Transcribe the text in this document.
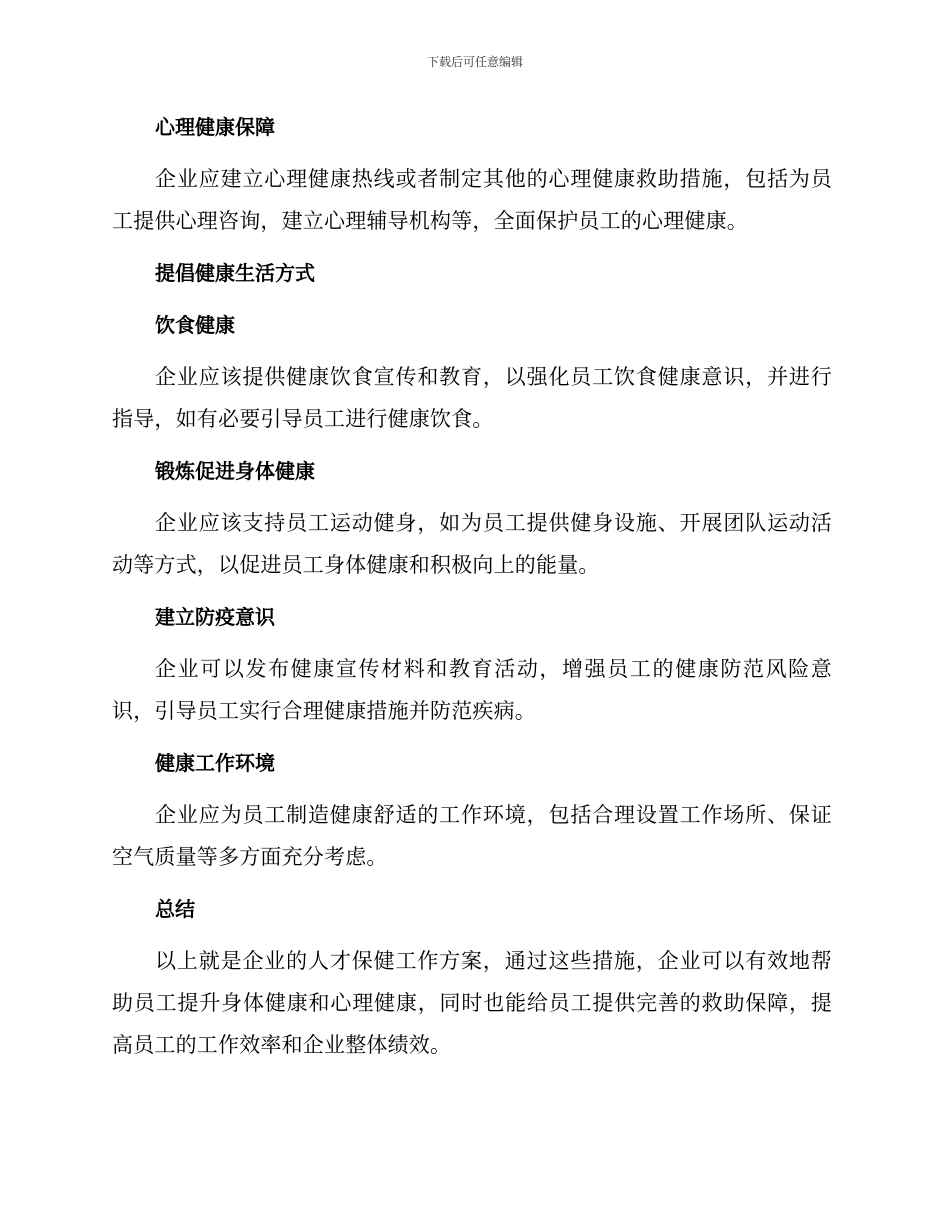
下载后可任意编辑
心理健康保障

企业应建立心理健康热线或者制定其他的心理健康救助措施，包括为员工提供心理咨询，建立心理辅导机构等，全面保护员工的心理健康。

提倡健康生活方式
饮食健康

企业应该提供健康饮食宣传和教育，以强化员工饮食健康意识，并进行指导，如有必要引导员工进行健康饮食。

锻炼促进身体健康

企业应该支持员工运动健身，如为员工提供健身设施、开展团队运动活动等方式，以促进员工身体健康和积极向上的能量。

建立防疫意识

企业可以发布健康宣传材料和教育活动，增强员工的健康防范风险意识，引导员工实行合理健康措施并防范疾病。

健康工作环境

企业应为员工制造健康舒适的工作环境，包括合理设置工作场所、保证空气质量等多方面充分考虑。

总结

以上就是企业的人才保健工作方案，通过这些措施，企业可以有效地帮助员工提升身体健康和心理健康，同时也能给员工提供完善的救助保障，提高员工的工作效率和企业整体绩效。
